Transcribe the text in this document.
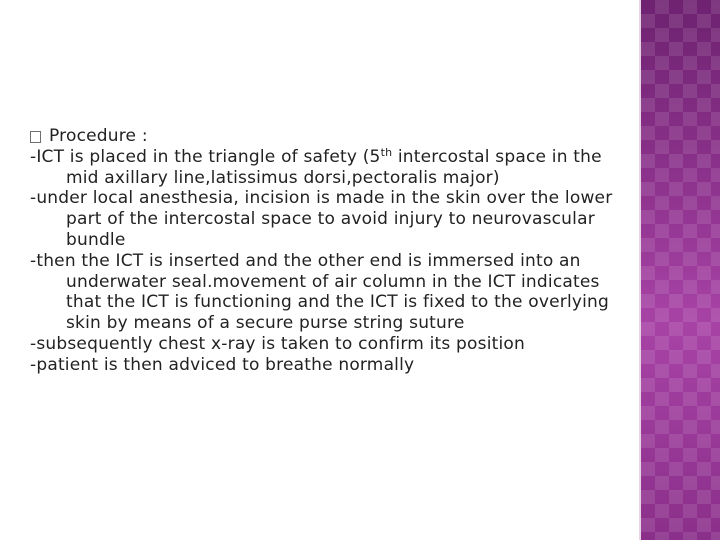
Procedure :

-ICT is placed in the triangle of safety (5th intercostal space in the mid axillary line,latissimus dorsi,pectoralis major)

-under local anesthesia, incision is made in the skin over the lower part of the intercostal space to avoid injury to neurovascular bundle

-then the ICT is inserted and the other end is immersed into an underwater seal.movement of air column in the ICT indicates that the ICT is functioning and the ICT is fixed to the overlying skin by means of a secure purse string suture

-subsequently chest x-ray is taken to confirm its position

-patient is then adviced to breathe normally
